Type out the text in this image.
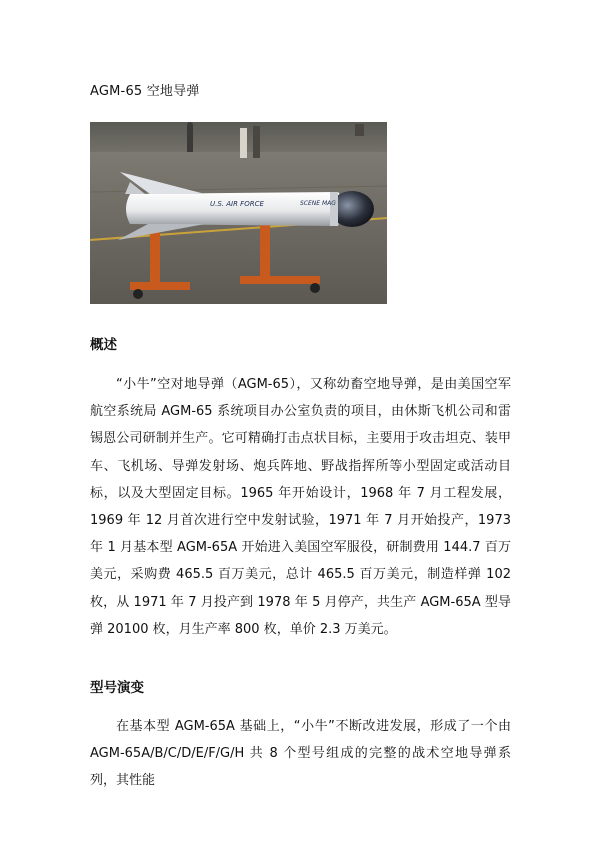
AGM-65 空地导弹
U.S. AIR FORCE	SCENE MAG
概述

“小牛”空对地导弹（AGM-65），又称幼畜空地导弹，是由美国空军航空系统局 AGM-65 系统项目办公室负责的项目，由休斯飞机公司和雷锡恩公司研制并生产。它可精确打击点状目标，主要用于攻击坦克、装甲车、飞机场、导弹发射场、炮兵阵地、野战指挥所等小型固定或活动目标，以及大型固定目标。1965 年开始设计，1968 年 7 月工程发展，1969 年 12 月首次进行空中发射试验，1971 年 7 月开始投产，1973 年 1 月基本型 AGM-65A 开始进入美国空军服役，研制费用 144.7 百万美元，采购费 465.5 百万美元，总计 465.5 百万美元，制造样弹 102 枚，从 1971 年 7 月投产到 1978 年 5 月停产，共生产 AGM-65A 型导弹 20100 枚，月生产率 800 枚，单价 2.3 万美元。

型号演变

在基本型 AGM-65A 基础上，“小牛”不断改进发展，形成了一个由 AGM-65A/B/C/D/E/F/G/H 共 8 个型号组成的完整的战术空地导弹系列，其性能
